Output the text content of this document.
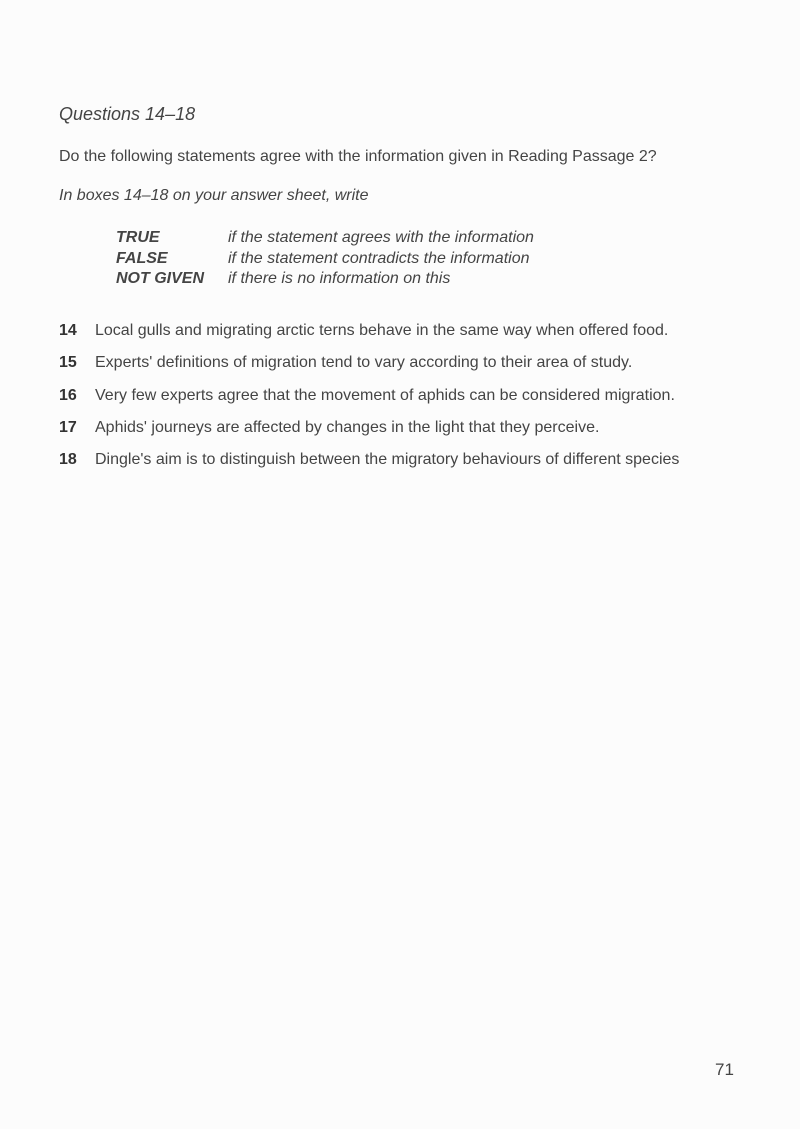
Questions 14–18

Do the following statements agree with the information given in Reading Passage 2?

In boxes 14–18 on your answer sheet, write

TRUE	if the statement agrees with the information
FALSE	if the statement contradicts the information
NOT GIVEN	if there is no information on this
14	Local gulls and migrating arctic terns behave in the same way when offered food.
15	Experts' definitions of migration tend to vary according to their area of study.
16	Very few experts agree that the movement of aphids can be considered migration.
17	Aphids' journeys are affected by changes in the light that they perceive.
18	Dingle's aim is to distinguish between the migratory behaviours of different species
71
